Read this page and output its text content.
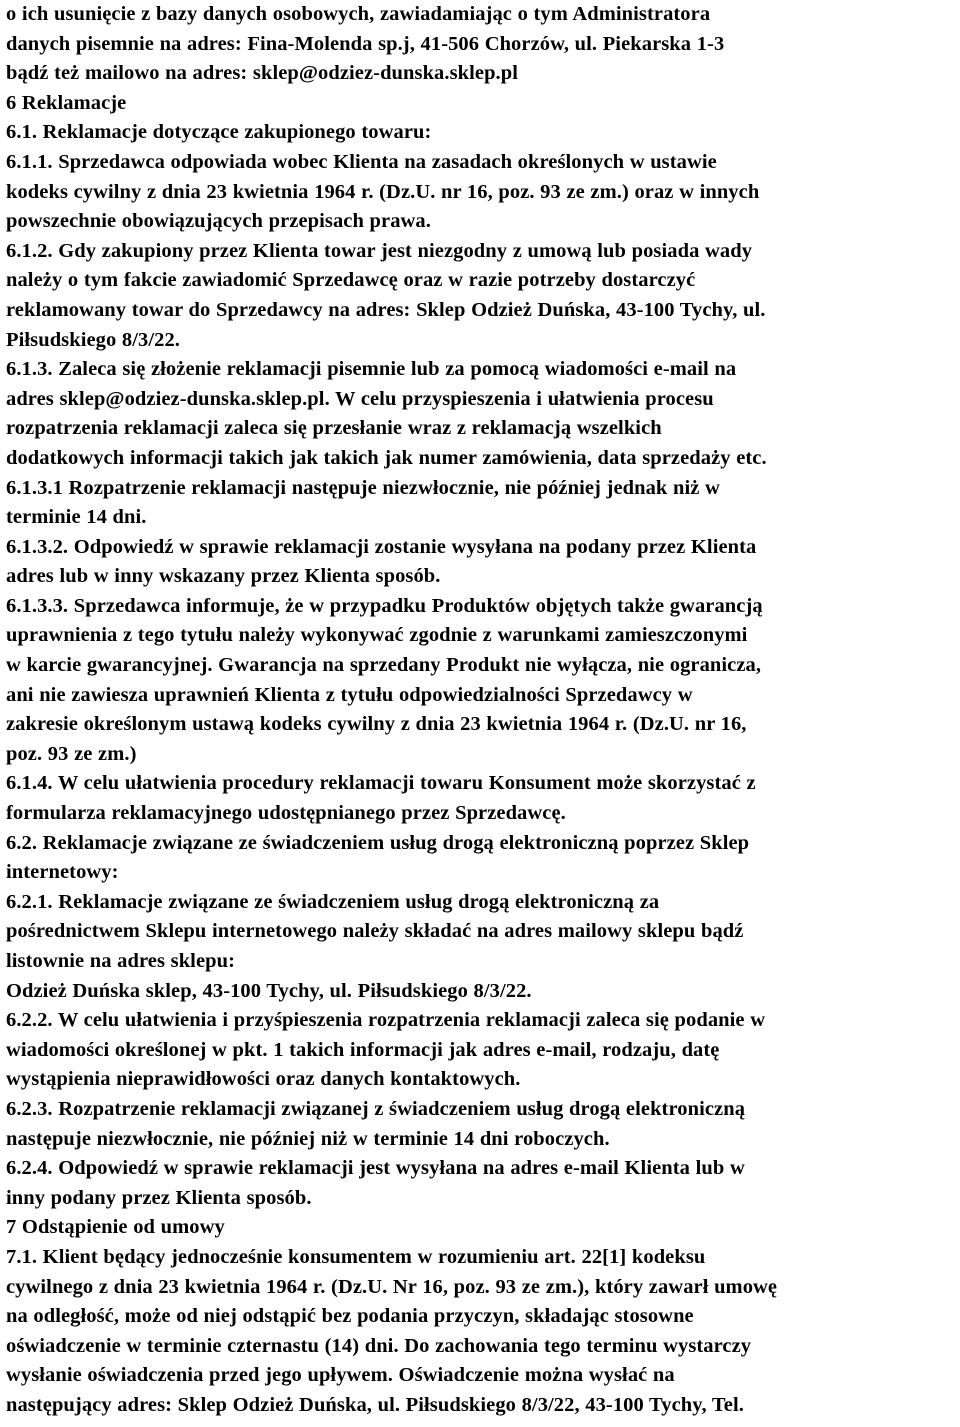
o ich usunięcie z bazy danych osobowych, zawiadamiając o tym Administratora
danych pisemnie na adres: Fina-Molenda sp.j, 41-506 Chorzów, ul. Piekarska 1-3
bądź też mailowo na adres: sklep@odziez-dunska.sklep.pl
6 Reklamacje
6.1. Reklamacje dotyczące zakupionego towaru:
6.1.1. Sprzedawca odpowiada wobec Klienta na zasadach określonych w ustawie
kodeks cywilny z dnia 23 kwietnia 1964 r. (Dz.U. nr 16, poz. 93 ze zm.) oraz w innych
powszechnie obowiązujących przepisach prawa.
6.1.2. Gdy zakupiony przez Klienta towar jest niezgodny z umową lub posiada wady
należy o tym fakcie zawiadomić Sprzedawcę oraz w razie potrzeby dostarczyć
reklamowany towar do Sprzedawcy na adres: Sklep Odzież Duńska, 43-100 Tychy, ul.
Piłsudskiego 8/3/22.
6.1.3. Zaleca się złożenie reklamacji pisemnie lub za pomocą wiadomości e-mail na
adres sklep@odziez-dunska.sklep.pl. W celu przyspieszenia i ułatwienia procesu
rozpatrzenia reklamacji zaleca się przesłanie wraz z reklamacją wszelkich
dodatkowych informacji takich jak takich jak numer zamówienia, data sprzedaży etc.
6.1.3.1 Rozpatrzenie reklamacji następuje niezwłocznie, nie później jednak niż w
terminie 14 dni.
6.1.3.2. Odpowiedź w sprawie reklamacji zostanie wysyłana na podany przez Klienta
adres lub w inny wskazany przez Klienta sposób.
6.1.3.3. Sprzedawca informuje, że w przypadku Produktów objętych także gwarancją
uprawnienia z tego tytułu należy wykonywać zgodnie z warunkami zamieszczonymi
w karcie gwarancyjnej. Gwarancja na sprzedany Produkt nie wyłącza, nie ogranicza,
ani nie zawiesza uprawnień Klienta z tytułu odpowiedzialności Sprzedawcy w
zakresie określonym ustawą kodeks cywilny z dnia 23 kwietnia 1964 r. (Dz.U. nr 16,
poz. 93 ze zm.)
6.1.4. W celu ułatwienia procedury reklamacji towaru Konsument może skorzystać z
formularza reklamacyjnego udostępnianego przez Sprzedawcę.
6.2. Reklamacje związane ze świadczeniem usług drogą elektroniczną poprzez Sklep
internetowy:
6.2.1. Reklamacje związane ze świadczeniem usług drogą elektroniczną za
pośrednictwem Sklepu internetowego należy składać na adres mailowy sklepu bądź
listownie na adres sklepu:
Odzież Duńska sklep, 43-100 Tychy, ul. Piłsudskiego 8/3/22.
6.2.2. W celu ułatwienia i przyśpieszenia rozpatrzenia reklamacji zaleca się podanie w
wiadomości określonej w pkt. 1 takich informacji jak adres e-mail, rodzaju, datę
wystąpienia nieprawidłowości oraz danych kontaktowych.
6.2.3. Rozpatrzenie reklamacji związanej z świadczeniem usług drogą elektroniczną
następuje niezwłocznie, nie później niż w terminie 14 dni roboczych.
6.2.4. Odpowiedź w sprawie reklamacji jest wysyłana na adres e-mail Klienta lub w
inny podany przez Klienta sposób.
7 Odstąpienie od umowy
7.1. Klient będący jednocześnie konsumentem w rozumieniu art. 22[1] kodeksu
cywilnego z dnia 23 kwietnia 1964 r. (Dz.U. Nr 16, poz. 93 ze zm.), który zawarł umowę
na odległość, może od niej odstąpić bez podania przyczyn, składając stosowne
oświadczenie w terminie czternastu (14) dni. Do zachowania tego terminu wystarczy
wysłanie oświadczenia przed jego upływem. Oświadczenie można wysłać na
następujący adres: Sklep Odzież Duńska, ul. Piłsudskiego 8/3/22, 43-100 Tychy, Tel.
